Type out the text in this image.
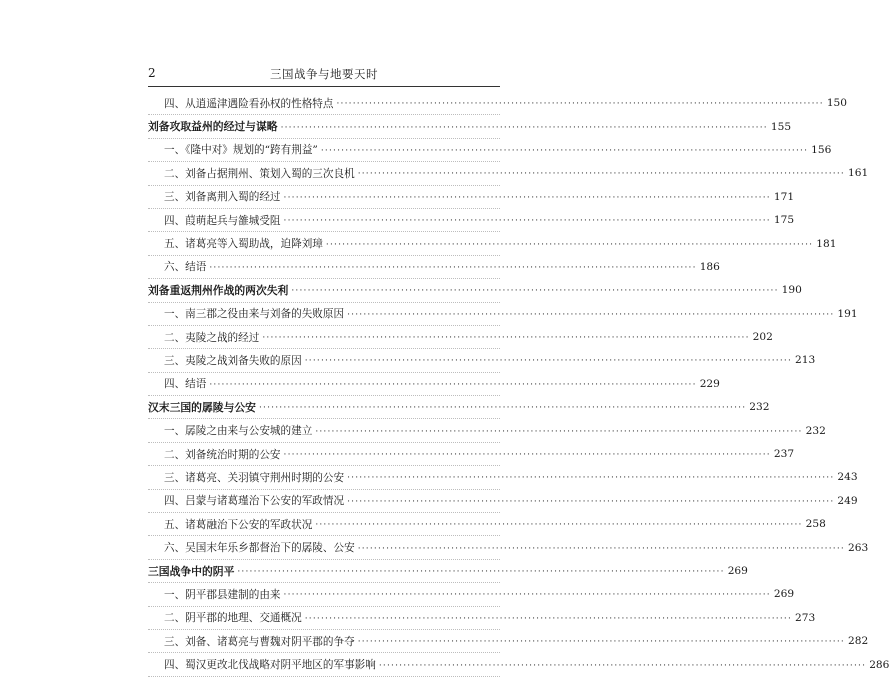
2	三国战争与地要天时
四、从逍遥津遇险看孙权的性格特点 ························································································································ 150
刘备攻取益州的经过与谋略 ························································································································ 155
一、《隆中对》规划的“跨有荆益” ························································································································ 156
二、刘备占据荆州、策划入蜀的三次良机 ························································································································ 161
三、刘备离荆入蜀的经过 ························································································································ 171
四、葭萌起兵与雒城受阻 ························································································································ 175
五、诸葛亮等入蜀助战，迫降刘璋 ························································································································ 181
六、结语 ························································································································ 186
刘备重返荆州作战的两次失利 ························································································································ 190
一、南三郡之役由来与刘备的失败原因 ························································································································ 191
二、夷陵之战的经过 ························································································································ 202
三、夷陵之战刘备失败的原因 ························································································································ 213
四、结语 ························································································································ 229
汉末三国的孱陵与公安 ························································································································ 232
一、孱陵之由来与公安城的建立 ························································································································ 232
二、刘备统治时期的公安 ························································································································ 237
三、诸葛亮、关羽镇守荆州时期的公安 ························································································································ 243
四、吕蒙与诸葛瑾治下公安的军政情况 ························································································································ 249
五、诸葛融治下公安的军政状况 ························································································································ 258
六、吴国末年乐乡都督治下的孱陵、公安 ························································································································ 263
三国战争中的阴平 ························································································································ 269
一、阴平郡县建制的由来 ························································································································ 269
二、阴平郡的地理、交通概况 ························································································································ 273
三、刘备、诸葛亮与曹魏对阴平郡的争夺 ························································································································ 282
四、蜀汉更改北伐战略对阴平地区的军事影响 ························································································································ 286
